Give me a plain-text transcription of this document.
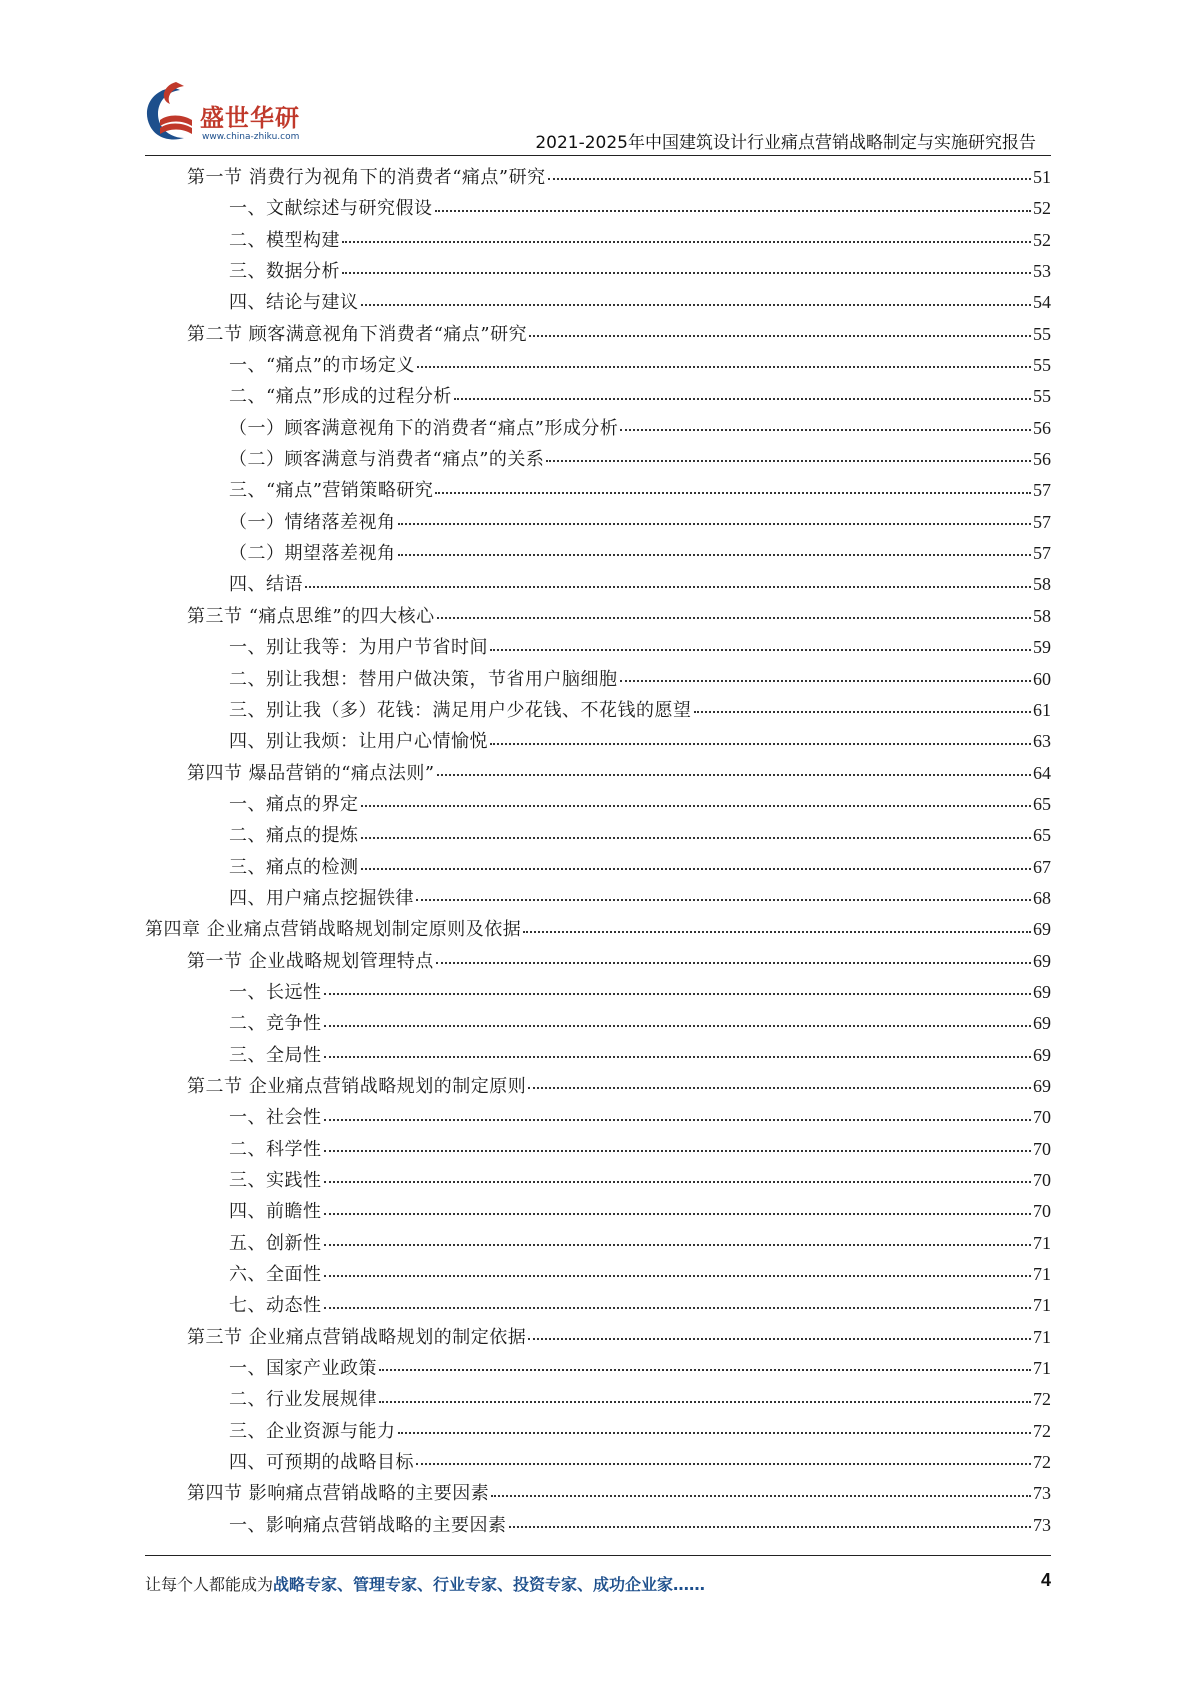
盛世华研
www.china-zhiku.com	2021-2025年中国建筑设计行业痛点营销战略制定与实施研究报告
第一节 消费行为视角下的消费者“痛点”研究	51
一、文献综述与研究假设	52
二、模型构建	52
三、数据分析	53
四、结论与建议	54
第二节 顾客满意视角下消费者“痛点”研究	55
一、“痛点”的市场定义	55
二、“痛点”形成的过程分析	55
（一）顾客满意视角下的消费者“痛点”形成分析	56
（二）顾客满意与消费者“痛点”的关系	56
三、“痛点”营销策略研究	57
（一）情绪落差视角	57
（二）期望落差视角	57
四、结语	58
第三节 “痛点思维”的四大核心	58
一、别让我等：为用户节省时间	59
二、别让我想：替用户做决策，节省用户脑细胞	60
三、别让我（多）花钱：满足用户少花钱、不花钱的愿望	61
四、别让我烦：让用户心情愉悦	63
第四节 爆品营销的“痛点法则”	64
一、痛点的界定	65
二、痛点的提炼	65
三、痛点的检测	67
四、用户痛点挖掘铁律	68
第四章 企业痛点营销战略规划制定原则及依据	69
第一节 企业战略规划管理特点	69
一、长远性	69
二、竞争性	69
三、全局性	69
第二节 企业痛点营销战略规划的制定原则	69
一、社会性	70
二、科学性	70
三、实践性	70
四、前瞻性	70
五、创新性	71
六、全面性	71
七、动态性	71
第三节 企业痛点营销战略规划的制定依据	71
一、国家产业政策	71
二、行业发展规律	72
三、企业资源与能力	72
四、可预期的战略目标	72
第四节 影响痛点营销战略的主要因素	73
一、影响痛点营销战略的主要因素	73
让每个人都能成为战略专家、管理专家、行业专家、投资专家、成功企业家……	4
